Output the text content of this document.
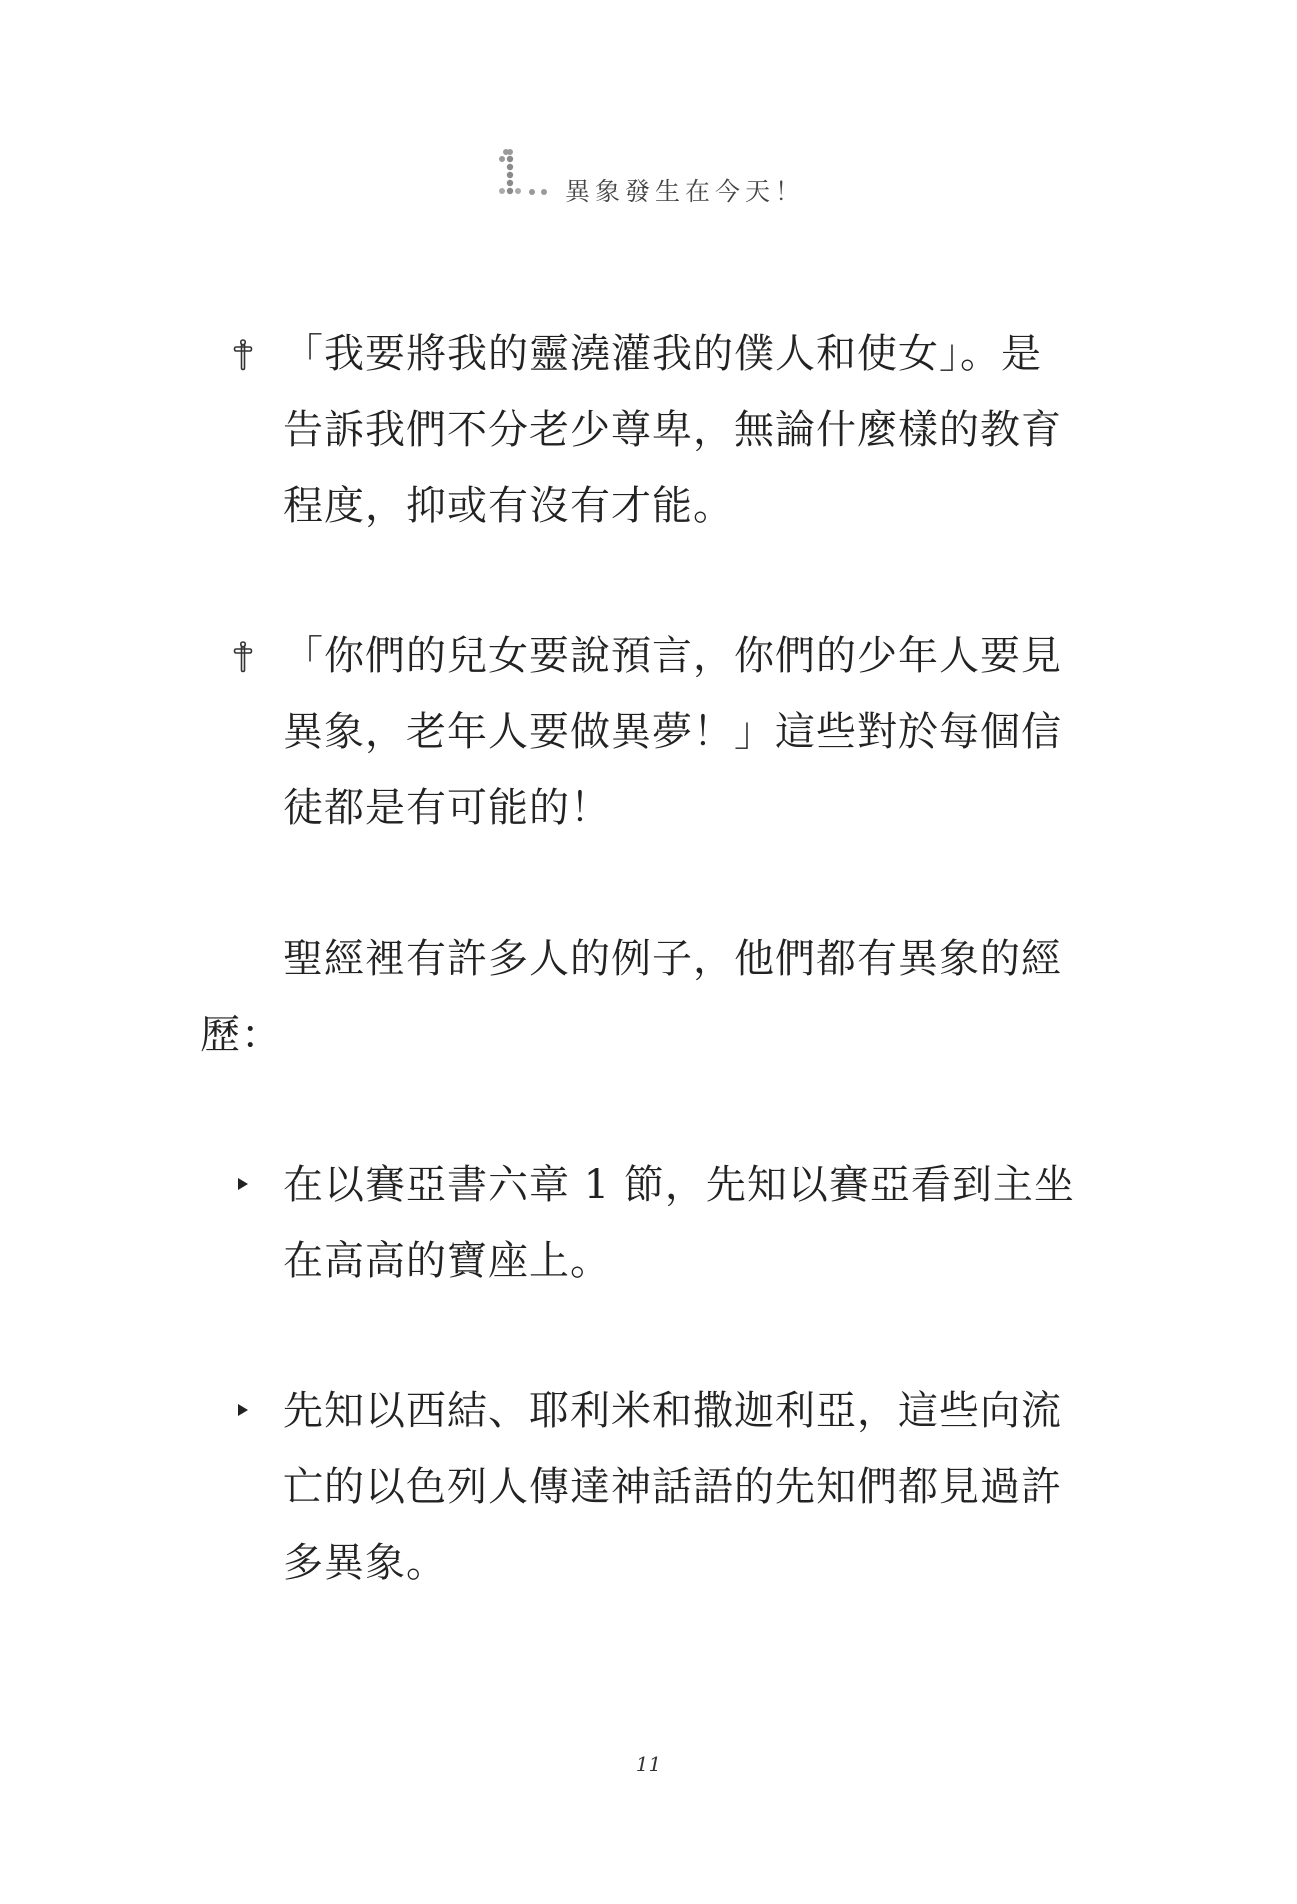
異象發生在今天！
「我要將我的靈澆灌我的僕人和使女」。是
告訴我們不分老少尊卑，無論什麼樣的教育
程度，抑或有沒有才能。
「你們的兒女要說預言，你們的少年人要見
異象，老年人要做異夢！」這些對於每個信
徒都是有可能的！
聖經裡有許多人的例子，他們都有異象的經
歷：
在以賽亞書六章 1 節，先知以賽亞看到主坐
在高高的寶座上。
先知以西結、耶利米和撒迦利亞，這些向流
亡的以色列人傳達神話語的先知們都見過許
多異象。
11
